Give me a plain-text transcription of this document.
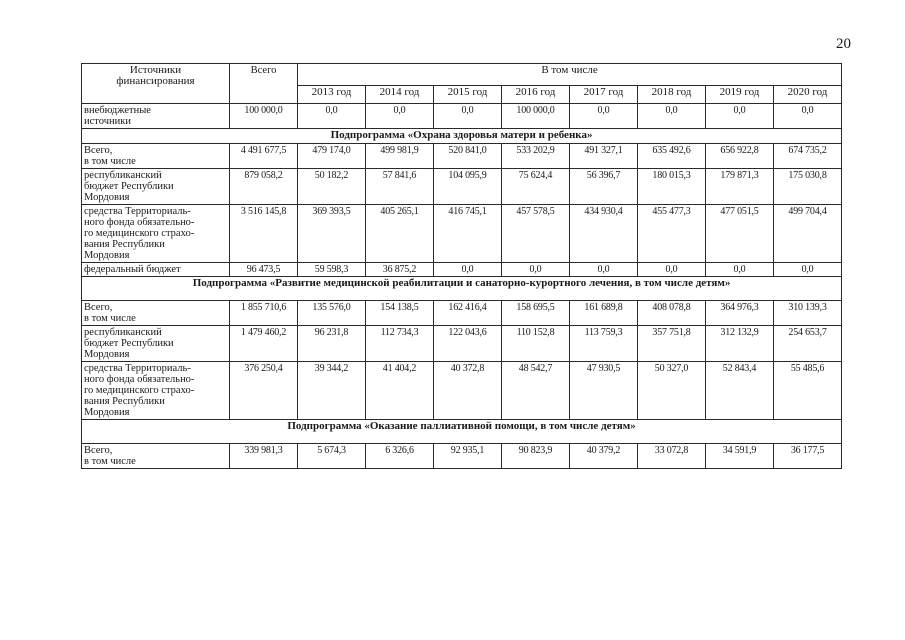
20
Источники
финансирования	Всего	В том числе							
		2013 год	2014 год	2015 год	2016 год	2017 год	2018 год	2019 год	2020 год

внебюджетные
источники	100 000,0	0,0	0,0	0,0	100 000,0	0,0	0,0	0,0	0,0
Подпрограмма «Охрана здоровья матери и ребенка»									

Всего,
в том числе	4 491 677,5	479 174,0	499 981,9	520 841,0	533 202,9	491 327,1	635 492,6	656 922,8	674 735,2

республиканский
бюджет Республики
Мордовия	879 058,2	50 182,2	57 841,6	104 095,9	75 624,4	56 396,7	180 015,3	179 871,3	175 030,8

средства Территориаль-
ного фонда обязательно-
го медицинского страхо-
вания Республики
Мордовия	3 516 145,8	369 393,5	405 265,1	416 745,1	457 578,5	434 930,4	455 477,3	477 051,5	499 704,4

федеральный бюджет	96 473,5	59 598,3	36 875,2	0,0	0,0	0,0	0,0	0,0	0,0
Подпрограмма «Развитие медицинской реабилитации и санаторно-курортного лечения, в том числе детям»									

Всего,
в том числе	1 855 710,6	135 576,0	154 138,5	162 416,4	158 695,5	161 689,8	408 078,8	364 976,3	310 139,3

республиканский
бюджет Республики
Мордовия	1 479 460,2	96 231,8	112 734,3	122 043,6	110 152,8	113 759,3	357 751,8	312 132,9	254 653,7

средства Территориаль-
ного фонда обязательно-
го медицинского страхо-
вания Республики
Мордовия	376 250,4	39 344,2	41 404,2	40 372,8	48 542,7	47 930,5	50 327,0	52 843,4	55 485,6
Подпрограмма «Оказание паллиативной помощи, в том числе детям»									

Всего,
в том числе	339 981,3	5 674,3	6 326,6	92 935,1	90 823,9	40 379,2	33 072,8	34 591,9	36 177,5
